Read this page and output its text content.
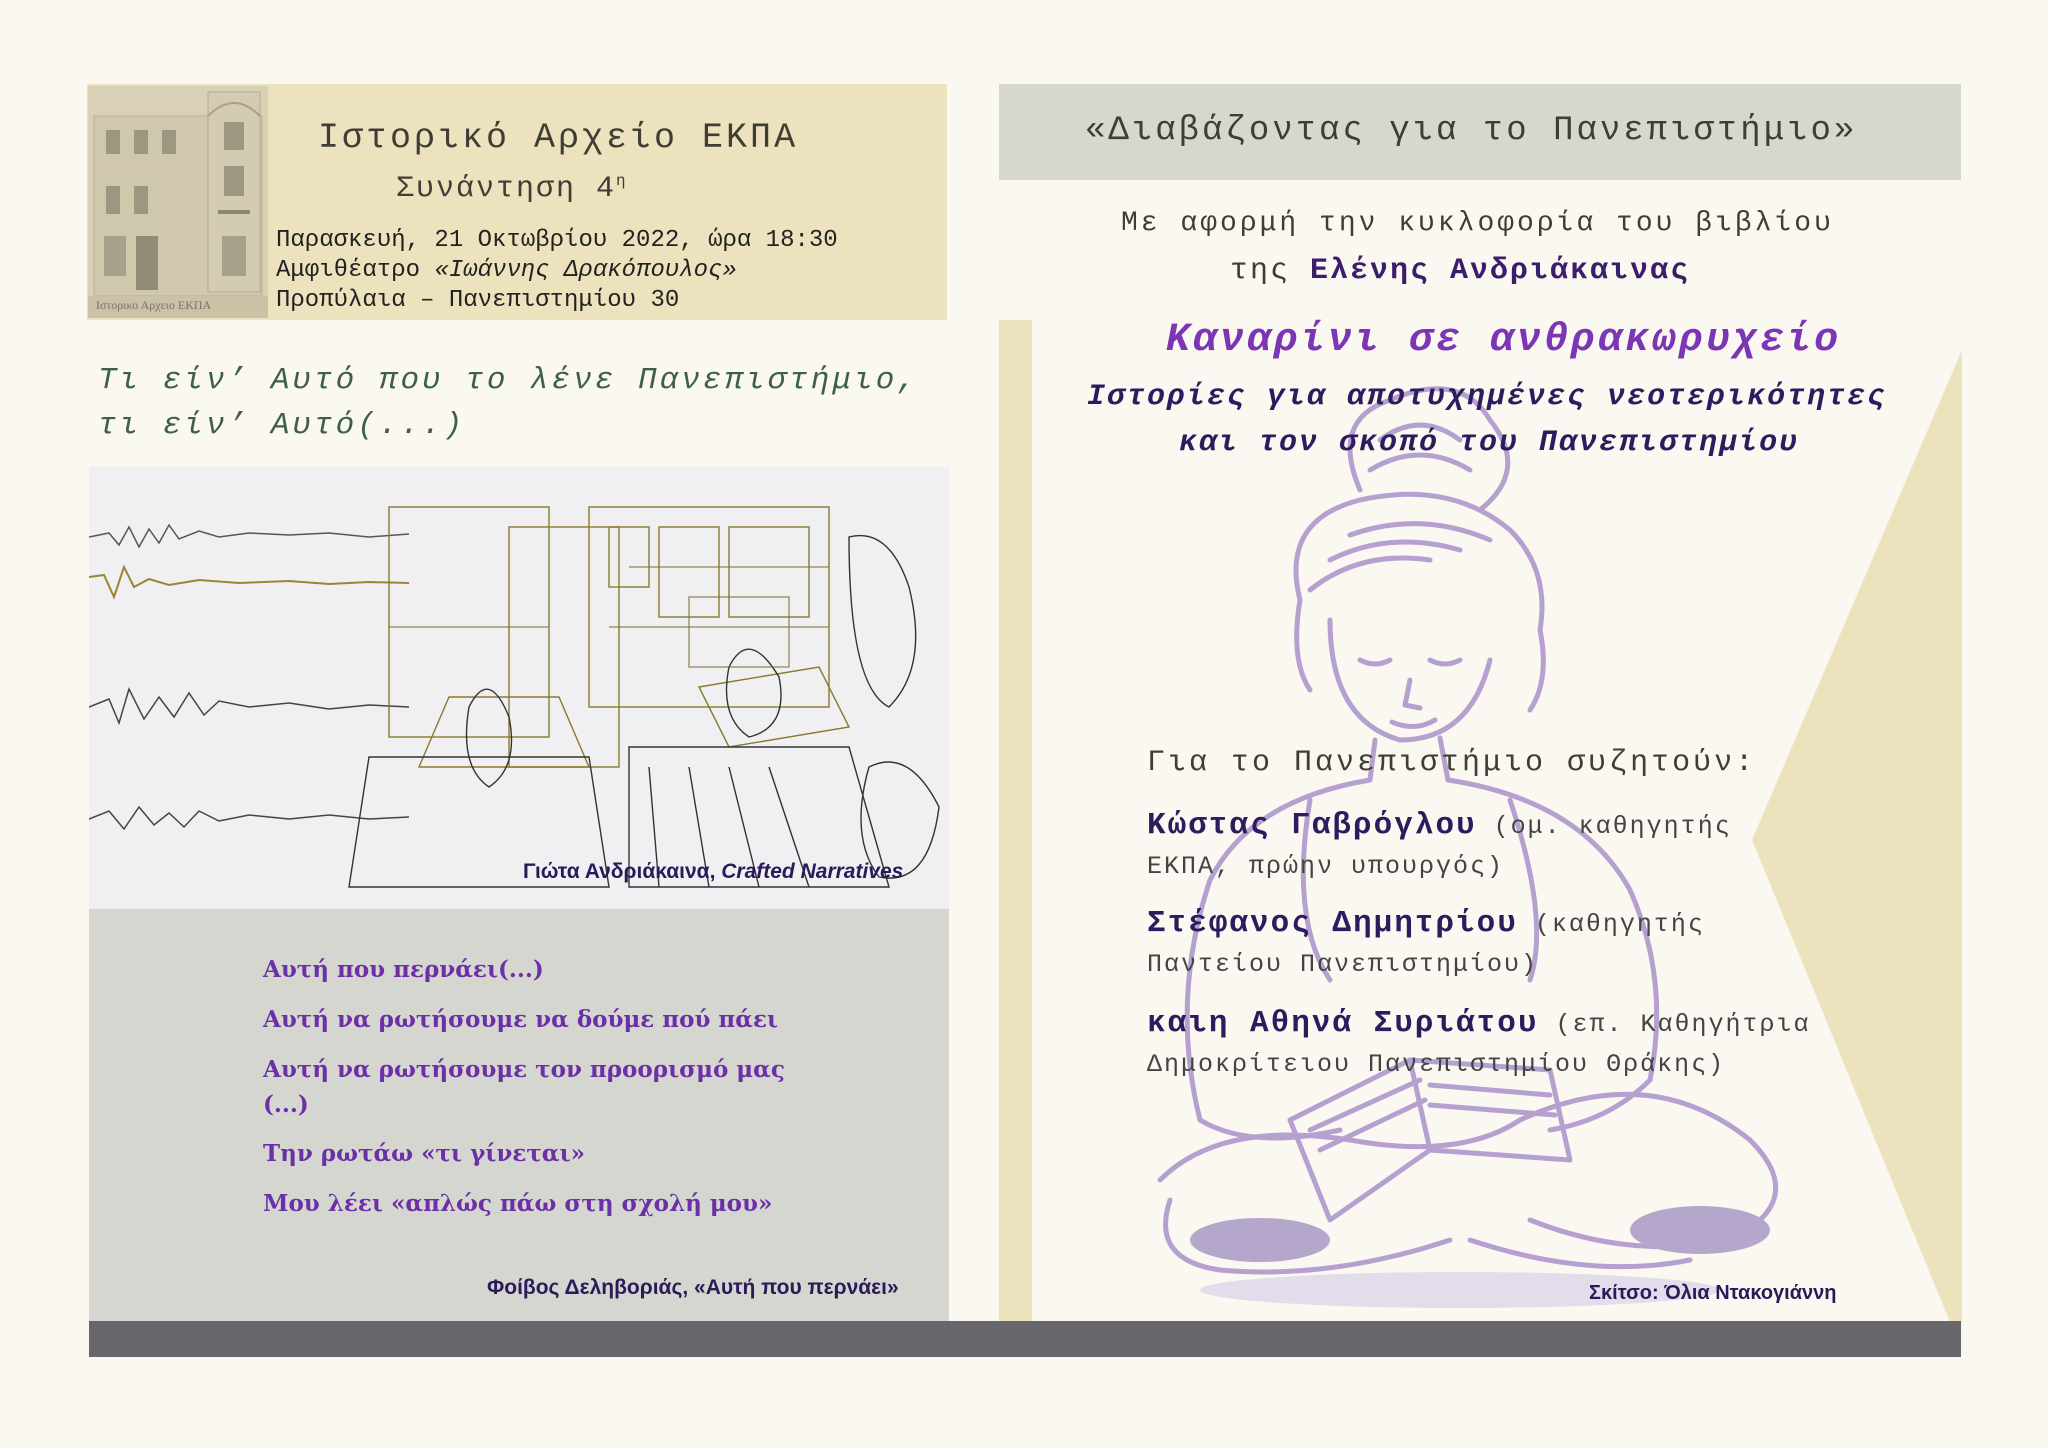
Ιστορικο Αρχειο ΕΚΠΑ
Ιστορικό Αρχείο ΕΚΠΑ
Συνάντηση $4^\eta$
Παρασκευή, 21 Οκτωβρίου 2022, ώρα 18:30
Αμφιθέατρο «Ιωάννης Δρακόπουλος»
Προπύλαια – Πανεπιστημίου 30
Τι είν’ Αυτό που το λένε Πανεπιστήμιο,
τι είν’ Αυτό(...)
Γιώτα Ανδριάκαινα, Crafted Narratives
Αυτή που περνάει(...)
Αυτή να ρωτήσουμε να δούμε πού πάει
Αυτή να ρωτήσουμε τον προορισμό μας
(...)
Την ρωτάω «τι γίνεται»
Μου λέει «απλώς πάω στη σχολή μου»
Φοίβος Δεληβοριάς, «Αυτή που περνάει»
«Διαβάζοντας για το Πανεπιστήμιο»
Με αφορμή την κυκλοφορία του βιβλίου
της Ελένης Ανδριάκαινας
Καναρίνι σε ανθρακωρυχείο
Ιστορίες για αποτυχημένες νεοτερικότητες
και τον σκοπό του Πανεπιστημίου
Για το Πανεπιστήμιο συζητούν:
Κώστας Γαβρόγλου (ομ. καθηγητής
ΕΚΠΑ, πρώην υπουργός)
Στέφανος Δημητρίου (καθηγητής
Παντείου Πανεπιστημίου)
καιη Αθηνά Συριάτου (επ. Καθηγήτρια
Δημοκρίτειου Πανεπιστημίου Θράκης)
Σκίτσο: Όλια Ντακογιάννη
